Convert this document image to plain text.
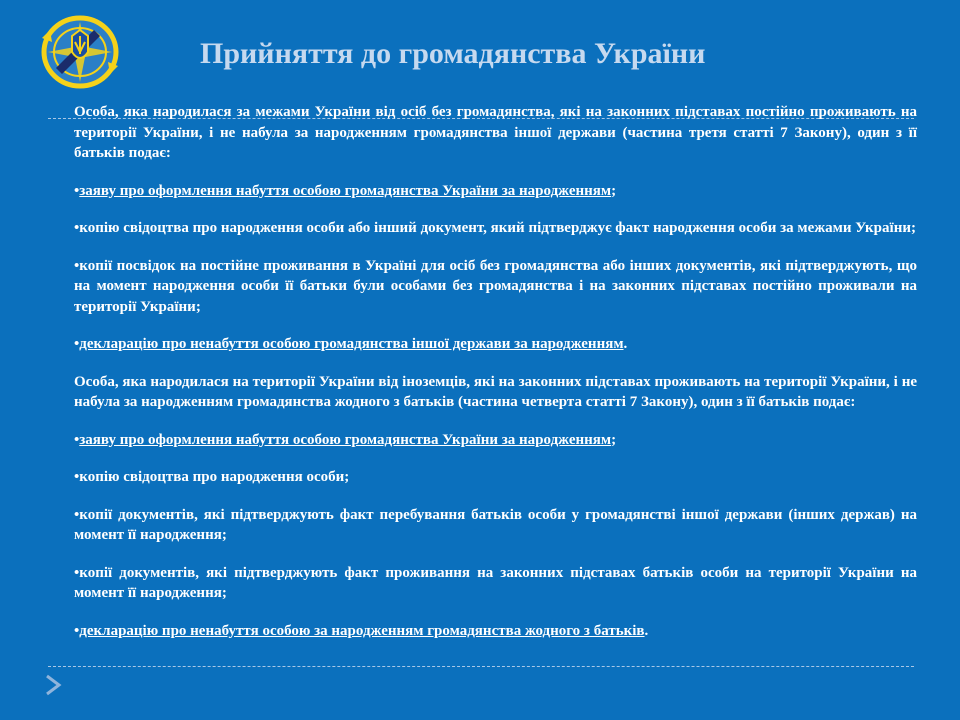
Прийняття до громадянства України

Особа, яка народилася за межами України від осіб без громадянства, які на законних підставах постійно проживають на території України, і не набула за народженням громадянства іншої держави (частина третя статті 7 Закону), один з її батьків подає:

•заяву про оформлення набуття особою громадянства України за народженням;

•копію свідоцтва про народження особи або інший документ, який підтверджує факт народження особи за межами України;

•копії посвідок на постійне проживання в Україні для осіб без громадянства або інших документів, які підтверджують, що на момент народження особи її батьки були особами без громадянства і на законних підставах постійно проживали на території України;

•декларацію про ненабуття особою громадянства іншої держави за народженням.

Особа, яка народилася на території України від іноземців, які на законних підставах проживають на території України, і не набула за народженням громадянства жодного з батьків (частина четверта статті 7 Закону), один з її батьків подає:

•заяву про оформлення набуття особою громадянства України за народженням;

•копію свідоцтва про народження особи;

•копії документів, які підтверджують факт перебування батьків особи у громадянстві іншої держави (інших держав) на момент її народження;

•копії документів, які підтверджують факт проживання на законних підставах батьків особи на території України на момент її народження;

•декларацію про ненабуття особою за народженням громадянства жодного з батьків.
